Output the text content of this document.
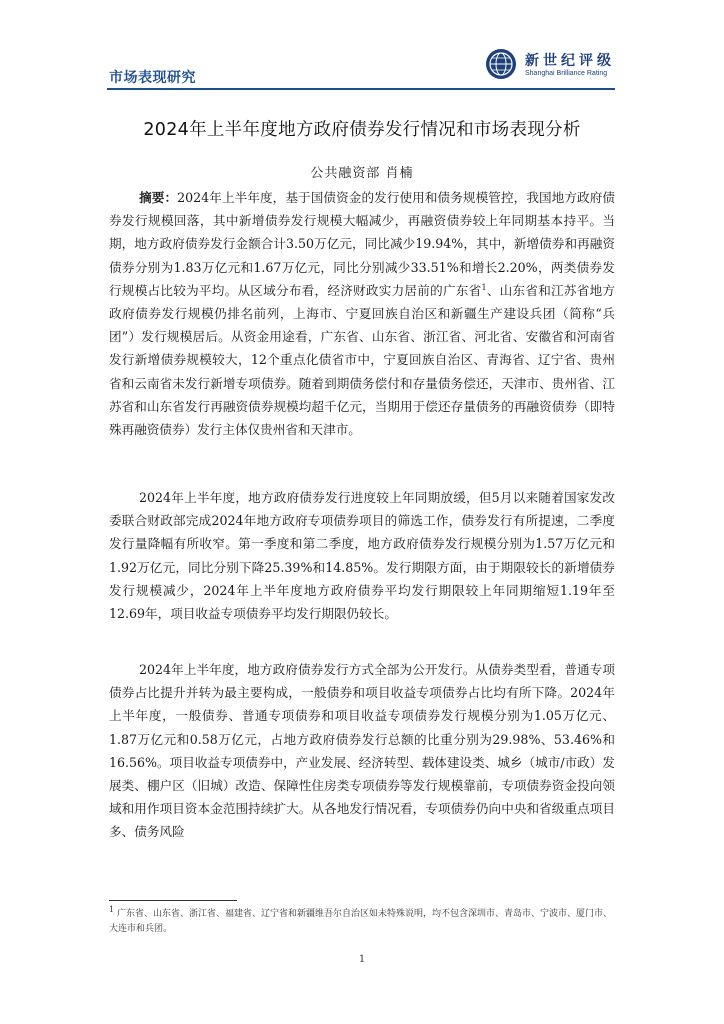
市场表现研究
新世纪评级
Shanghai Brilliance Rating
2024年上半年度地方政府债券发行情况和市场表现分析
公共融资部 肖楠

摘要：2024年上半年度，基于国债资金的发行使用和债务规模管控，我国地方政府债券发行规模回落，其中新增债券发行规模大幅减少，再融资债券较上年同期基本持平。当期，地方政府债券发行金额合计3.50万亿元，同比减少19.94%，其中，新增债券和再融资债券分别为1.83万亿元和1.67万亿元，同比分别减少33.51%和增长2.20%，两类债券发行规模占比较为平均。从区域分布看，经济财政实力居前的广东省$^1$、山东省和江苏省地方政府债券发行规模仍排名前列，上海市、宁夏回族自治区和新疆生产建设兵团（简称“兵团”）发行规模居后。从资金用途看，广东省、山东省、浙江省、河北省、安徽省和河南省发行新增债券规模较大，12个重点化债省市中，宁夏回族自治区、青海省、辽宁省、贵州省和云南省未发行新增专项债券。随着到期债务偿付和存量债务偿还，天津市、贵州省、江苏省和山东省发行再融资债券规模均超千亿元，当期用于偿还存量债务的再融资债券（即特殊再融资债券）发行主体仅贵州省和天津市。

2024年上半年度，地方政府债券发行进度较上年同期放缓，但5月以来随着国家发改委联合财政部完成2024年地方政府专项债券项目的筛选工作，债券发行有所提速，二季度发行量降幅有所收窄。第一季度和第二季度，地方政府债券发行规模分别为1.57万亿元和1.92万亿元，同比分别下降25.39%和14.85%。发行期限方面，由于期限较长的新增债券发行规模减少，2024年上半年度地方政府债券平均发行期限较上年同期缩短1.19年至12.69年，项目收益专项债券平均发行期限仍较长。

2024年上半年度，地方政府债券发行方式全部为公开发行。从债券类型看，普通专项债券占比提升并转为最主要构成，一般债券和项目收益专项债券占比均有所下降。2024年上半年度，一般债券、普通专项债券和项目收益专项债券发行规模分别为1.05万亿元、1.87万亿元和0.58万亿元，占地方政府债券发行总额的比重分别为29.98%、53.46%和16.56%。项目收益专项债券中，产业发展、经济转型、载体建设类、城乡（城市/市政）发展类、棚户区（旧城）改造、保障性住房类专项债券等发行规模靠前，专项债券资金投向领域和用作项目资本金范围持续扩大。从各地发行情况看，专项债券仍向中央和省级重点项目多、债务风险

$^1$ 广东省、山东省、浙江省、福建省、辽宁省和新疆维吾尔自治区如未特殊说明，均不包含深圳市、青岛市、宁波市、厦门市、大连市和兵团。

1
